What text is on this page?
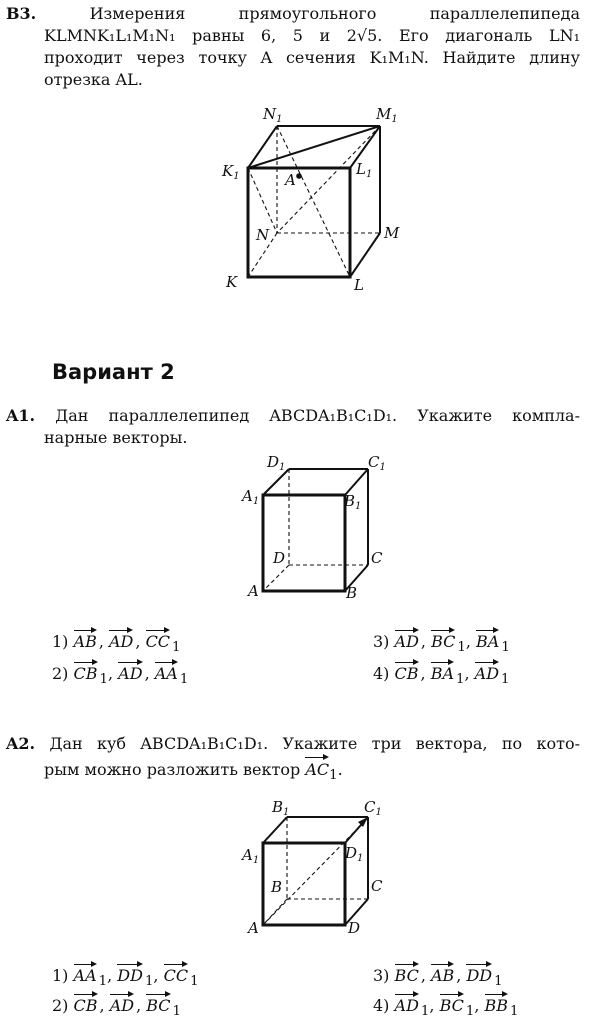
B3.	Измерения прямоугольного параллелепипеда
KLMNK₁L₁M₁N₁ равны 6, 5 и 2√5. Его диагональ LN₁
проходит через точку A сечения K₁M₁N. Найдите длину
отрезка AL.
$N_1$	$M_1$
$K_1$	$L_1$
A
N	M
K	L
Вариант 2
A1. Дан параллелепипед ABCDA₁B₁C₁D₁. Укажите компла-
нарные векторы.
$D_1$	$C_1$
$A_1$	$B_1$
D	C
A	B
1) AB , AD , CC $_1$
2) CB $_1$, AD , AA $_1$
3) AD , BC $_1$, BA $_1$
4) CB , BA $_1$, AD $_1$
A2. Дан куб ABCDA₁B₁C₁D₁. Укажите три вектора, по кото-
рым можно разложить вектор $AC_1$.
$B_1$	$C_1$
$A_1$	$D_1$
B	C
A	D
1) AA $_1$, DD $_1$, CC $_1$
2) CB , AD , BC $_1$
3) BC , AB , DD $_1$
4) AD $_1$, BC $_1$, BB $_1$
